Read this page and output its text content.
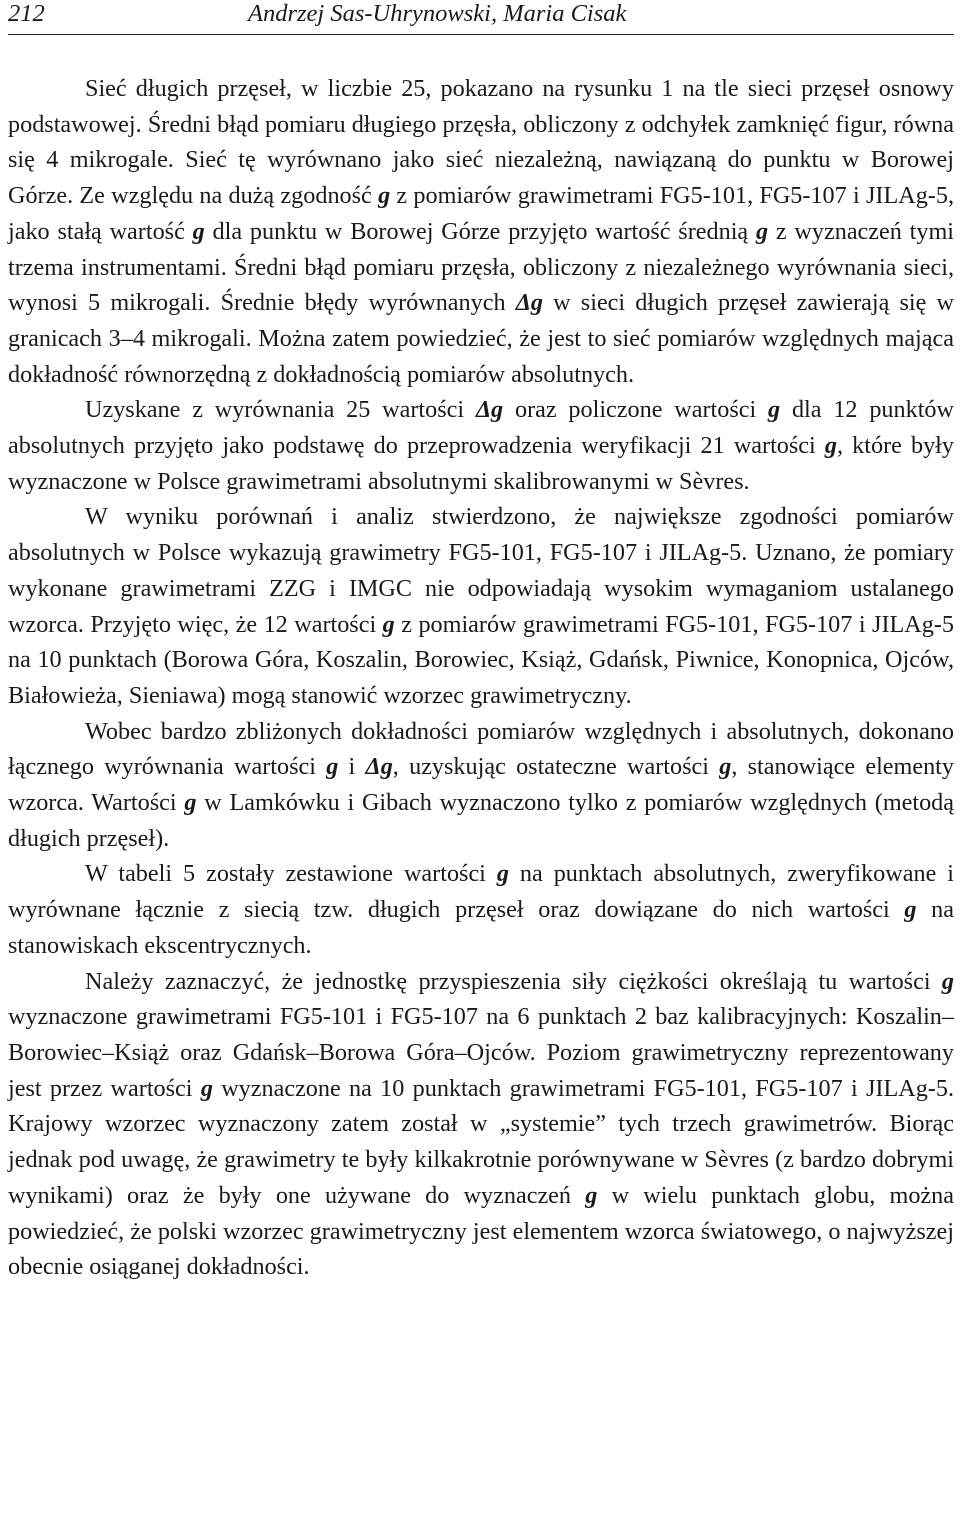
212	Andrzej Sas-Uhrynowski, Maria Cisak

Sieć długich przęseł, w liczbie 25, pokazano na rysunku 1 na tle sieci przęseł osnowy podstawowej. Średni błąd pomiaru długiego przęsła, obliczony z odchyłek zamknięć figur, równa się 4 mikrogale. Sieć tę wyrównano jako sieć niezależną, nawiązaną do punktu w Borowej Górze. Ze względu na dużą zgodność g z pomiarów grawimetrami FG5-101, FG5-107 i JILAg-5, jako stałą wartość g dla punktu w Borowej Górze przyjęto wartość średnią g z wyznaczeń tymi trzema instrumentami. Średni błąd pomiaru przęsła, obliczony z niezależnego wyrównania sieci, wynosi 5 mikrogali. Średnie błędy wyrównanych Δg w sieci długich przęseł zawierają się w granicach 3–4 mikrogali. Można zatem powiedzieć, że jest to sieć pomiarów względnych mająca dokładność równorzędną z dokładnością pomiarów absolutnych.

Uzyskane z wyrównania 25 wartości Δg oraz policzone wartości g dla 12 punktów absolutnych przyjęto jako podstawę do przeprowadzenia weryfikacji 21 wartości g, które były wyznaczone w Polsce grawimetrami absolutnymi skalibrowanymi w Sèvres.

W wyniku porównań i analiz stwierdzono, że największe zgodności pomiarów absolutnych w Polsce wykazują grawimetry FG5-101, FG5-107 i JILAg-5. Uznano, że pomiary wykonane grawimetrami ZZG i IMGC nie odpowiadają wysokim wymaganiom ustalanego wzorca. Przyjęto więc, że 12 wartości g z pomiarów grawimetrami FG5-101, FG5-107 i JILAg-5 na 10 punktach (Borowa Góra, Koszalin, Borowiec, Książ, Gdańsk, Piwnice, Konopnica, Ojców, Białowieża, Sieniawa) mogą stanowić wzorzec grawimetryczny.

Wobec bardzo zbliżonych dokładności pomiarów względnych i absolutnych, dokonano łącznego wyrównania wartości g i Δg, uzyskując ostateczne wartości g, stanowiące elementy wzorca. Wartości g w Lamkówku i Gibach wyznaczono tylko z pomiarów względnych (metodą długich przęseł).

W tabeli 5 zostały zestawione wartości g na punktach absolutnych, zweryfikowane i wyrównane łącznie z siecią tzw. długich przęseł oraz dowiązane do nich wartości g na stanowiskach ekscentrycznych.

Należy zaznaczyć, że jednostkę przyspieszenia siły ciężkości określają tu wartości g wyznaczone grawimetrami FG5-101 i FG5-107 na 6 punktach 2 baz kalibracyjnych: Koszalin–Borowiec–Książ oraz Gdańsk–Borowa Góra–Ojców. Poziom grawimetryczny reprezentowany jest przez wartości g wyznaczone na 10 punktach grawimetrami FG5-101, FG5-107 i JILAg-5. Krajowy wzorzec wyznaczony zatem został w „systemie” tych trzech grawimetrów. Biorąc jednak pod uwagę, że grawimetry te były kilkakrotnie porównywane w Sèvres (z bardzo dobrymi wynikami) oraz że były one używane do wyznaczeń g w wielu punktach globu, można powiedzieć, że polski wzorzec grawimetryczny jest elementem wzorca światowego, o najwyższej obecnie osiąganej dokładności.
